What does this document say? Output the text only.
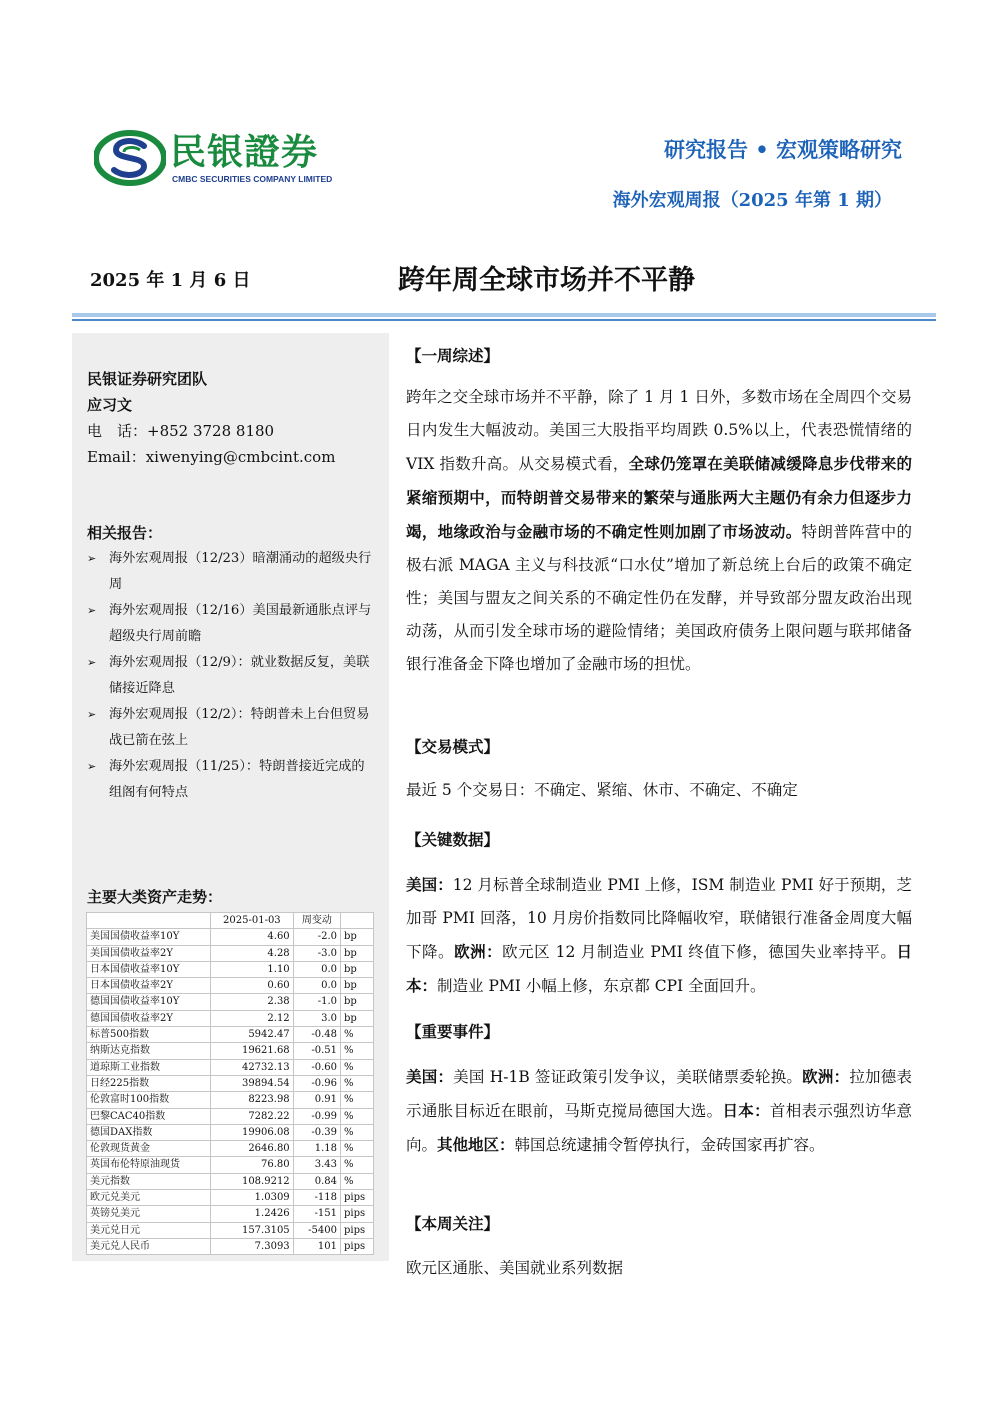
民银證券
CMBC SECURITIES COMPANY LIMITED
研究报告 • 宏观策略研究
海外宏观周报（2025 年第 1 期）
2025 年 1 月 6 日	跨年周全球市场并不平静
民银证券研究团队
应习文
电　话：+852 3728 8180
Email：xiwenying@cmbcint.com
相关报告：
➢ 海外宏观周报（12/23）暗潮涌动的超级央行周
➢ 海外宏观周报（12/16）美国最新通胀点评与超级央行周前瞻
➢ 海外宏观周报（12/9）：就业数据反复，美联储接近降息
➢ 海外宏观周报（12/2）：特朗普未上台但贸易战已箭在弦上
➢ 海外宏观周报（11/25）：特朗普接近完成的组阁有何特点
主要大类资产走势：
	2025-01-03	周变动	
美国国债收益率10Y	4.60	-2.0	bp
美国国债收益率2Y	4.28	-3.0	bp
日本国债收益率10Y	1.10	0.0	bp
日本国债收益率2Y	0.60	0.0	bp
德国国债收益率10Y	2.38	-1.0	bp
德国国债收益率2Y	2.12	3.0	bp
标普500指数	5942.47	-0.48	%
纳斯达克指数	19621.68	-0.51	%
道琼斯工业指数	42732.13	-0.60	%
日经225指数	39894.54	-0.96	%
伦敦富时100指数	8223.98	0.91	%
巴黎CAC40指数	7282.22	-0.99	%
德国DAX指数	19906.08	-0.39	%
伦敦现货黄金	2646.80	1.18	%
英国布伦特原油现货	76.80	3.43	%
美元指数	108.9212	0.84	%
欧元兑美元	1.0309	-118	pips
英镑兑美元	1.2426	-151	pips
美元兑日元	157.3105	-5400	pips
美元兑人民币	7.3093	101	pips
【一周综述】
跨年之交全球市场并不平静，除了 1 月 1 日外，多数市场在全周四个交易日内发生大幅波动。美国三大股指平均周跌 0.5%以上，代表恐慌情绪的 VIX 指数升高。从交易模式看，全球仍笼罩在美联储减缓降息步伐带来的紧缩预期中，而特朗普交易带来的繁荣与通胀两大主题仍有余力但逐步力竭，地缘政治与金融市场的不确定性则加剧了市场波动。特朗普阵营中的极右派 MAGA 主义与科技派“口水仗”增加了新总统上台后的政策不确定性；美国与盟友之间关系的不确定性仍在发酵，并导致部分盟友政治出现动荡，从而引发全球市场的避险情绪；美国政府债务上限问题与联邦储备银行准备金下降也增加了金融市场的担忧。
【交易模式】
最近 5 个交易日：不确定、紧缩、休市、不确定、不确定
【关键数据】
美国：12 月标普全球制造业 PMI 上修，ISM 制造业 PMI 好于预期，芝加哥 PMI 回落，10 月房价指数同比降幅收窄，联储银行准备金周度大幅下降。欧洲：欧元区 12 月制造业 PMI 终值下修，德国失业率持平。日本：制造业 PMI 小幅上修，东京都 CPI 全面回升。
【重要事件】
美国：美国 H-1B 签证政策引发争议，美联储票委轮换。欧洲：拉加德表示通胀目标近在眼前，马斯克搅局德国大选。日本：首相表示强烈访华意向。其他地区：韩国总统逮捕令暂停执行，金砖国家再扩容。
【本周关注】
欧元区通胀、美国就业系列数据
